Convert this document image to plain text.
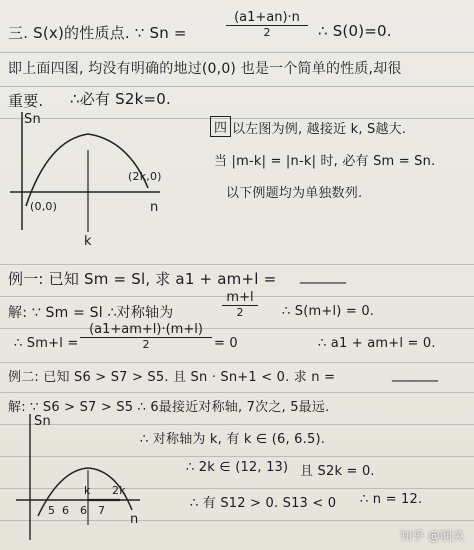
三. S(x)的性质点. ∵ Sn =
(a1+an)·n
2	∴ S(0)=0.
即上面四图, 均没有明确的地过(0,0) 也是一个简单的性质,却很
重要. ∴必有 S2k=0.
Sn
n
(0,0)
(2k,0)
k
四 以左图为例, 越接近 k, S越大.
当 |m-k| = |n-k| 时, 必有 Sm = Sn.
以下例题均为单独数列.
例一: 已知 Sm = Sl, 求 a1 + am+l = ______
解: ∵ Sm = Sl ∴对称轴为
m+l
2	∴ S(m+l) = 0.
∴ Sm+l =
(a1+am+l)·(m+l)
2	= 0	∴ a1 + am+l = 0.
例二: 已知 S6 > S7 > S5. 且 Sn · Sn+1 < 0. 求 n =	______
解: ∵ S6 > S7 > S5 ∴ 6最接近对称轴, 7次之, 5最远.
∴ 对称轴为 k, 有 k ∈ (6, 6.5).
∴ 2k ∈ (12, 13) 且 S2k = 0.
∴ 有 S12 > 0. S13 < 0 ∴ n = 12.
Sn
n
k 2k
5 6 6 7
知乎 @啊关
